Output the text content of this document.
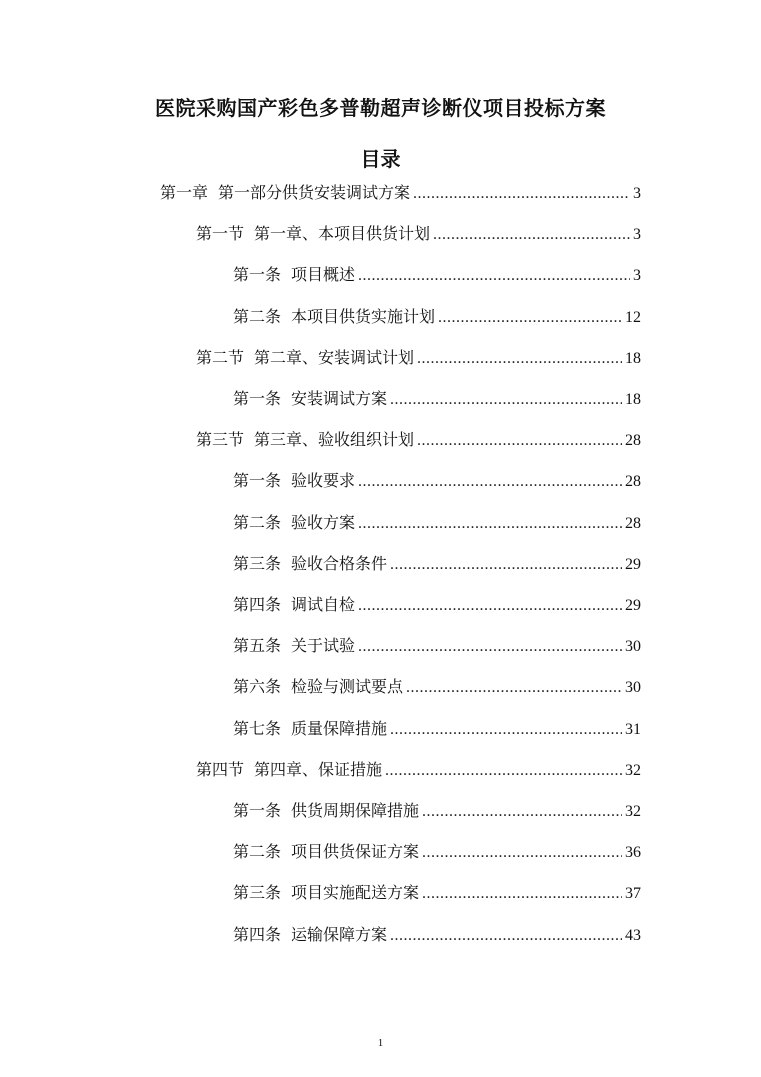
医院采购国产彩色多普勒超声诊断仪项目投标方案
目录
第一章 第一部分供货安装调试方案 .....	3
第一节 第一章、本项目供货计划 .....	3
第一条 项目概述 .....	3
第二条 本项目供货实施计划 .....	12
第二节 第二章、安装调试计划 .....	18
第一条 安装调试方案 .....	18
第三节 第三章、验收组织计划 .....	28
第一条 验收要求 .....	28
第二条 验收方案 .....	28
第三条 验收合格条件 .....	29
第四条 调试自检 .....	29
第五条 关于试验 .....	30
第六条 检验与测试要点 .....	30
第七条 质量保障措施 .....	31
第四节 第四章、保证措施 .....	32
第一条 供货周期保障措施 .....	32
第二条 项目供货保证方案 .....	36
第三条 项目实施配送方案 .....	37
第四条 运输保障方案 .....	43
1
